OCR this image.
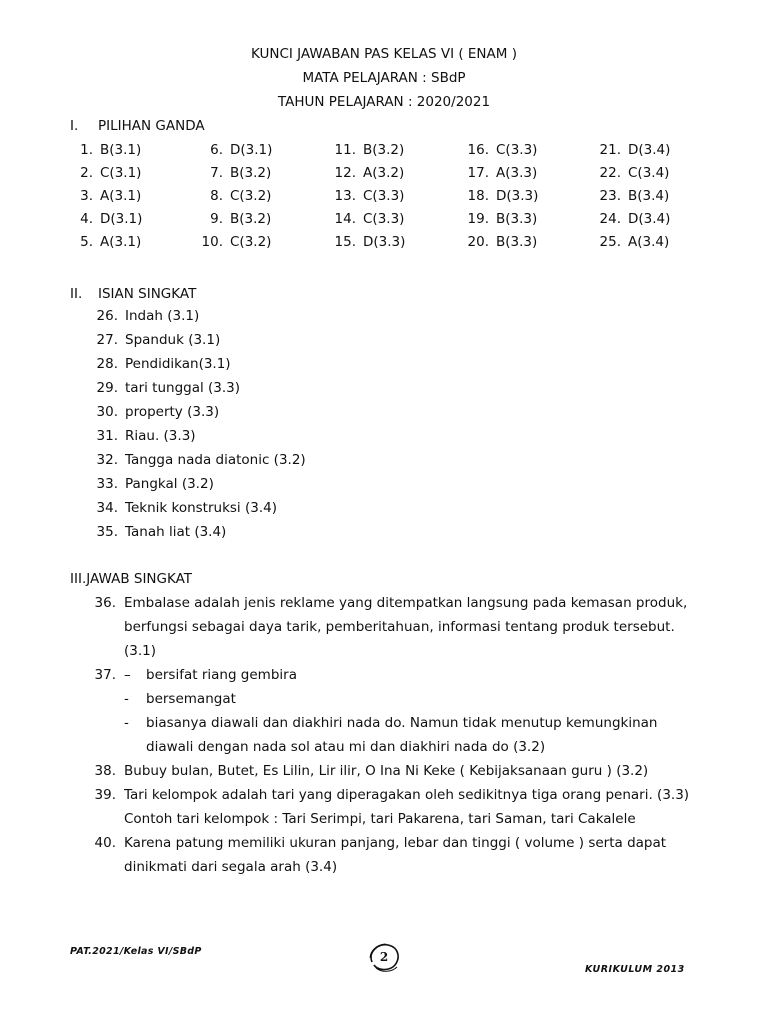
KUNCI JAWABAN PAS KELAS VI ( ENAM )
MATA PELAJARAN : SBdP
TAHUN PELAJARAN : 2020/2021
I. PILIHAN GANDA
1. B(3.1)	6. D(3.1)	11. B(3.2)	16. C(3.3)	21. D(3.4)
2. C(3.1)	7. B(3.2)	12. A(3.2)	17. A(3.3)	22. C(3.4)
3. A(3.1)	8. C(3.2)	13. C(3.3)	18. D(3.3)	23. B(3.4)
4. D(3.1)	9. B(3.2)	14. C(3.3)	19. B(3.3)	24. D(3.4)
5. A(3.1)	10. C(3.2)	15. D(3.3)	20. B(3.3)	25. A(3.4)
II. ISIAN SINGKAT
26. Indah (3.1)
27. Spanduk (3.1)
28. Pendidikan(3.1)
29. tari tunggal (3.3)
30. property (3.3)
31. Riau. (3.3)
32. Tangga nada diatonic (3.2)
33. Pangkal (3.2)
34. Teknik konstruksi (3.4)
35. Tanah liat (3.4)
III.JAWAB SINGKAT
36. Embalase adalah jenis reklame yang ditempatkan langsung pada kemasan produk,
berfungsi sebagai daya tarik, pemberitahuan, informasi tentang produk tersebut.
(3.1)
37. – bersifat riang gembira
- bersemangat
- biasanya diawali dan diakhiri nada do. Namun tidak menutup kemungkinan
diawali dengan nada sol atau mi dan diakhiri nada do (3.2)
38. Bubuy bulan, Butet, Es Lilin, Lir ilir, O Ina Ni Keke ( Kebijaksanaan guru ) (3.2)
39. Tari kelompok adalah tari yang diperagakan oleh sedikitnya tiga orang penari. (3.3)
Contoh tari kelompok : Tari Serimpi, tari Pakarena, tari Saman, tari Cakalele
40. Karena patung memiliki ukuran panjang, lebar dan tinggi ( volume ) serta dapat
dinikmati dari segala arah (3.4)
PAT.2021/Kelas VI/SBdP	2
KURIKULUM 2013
